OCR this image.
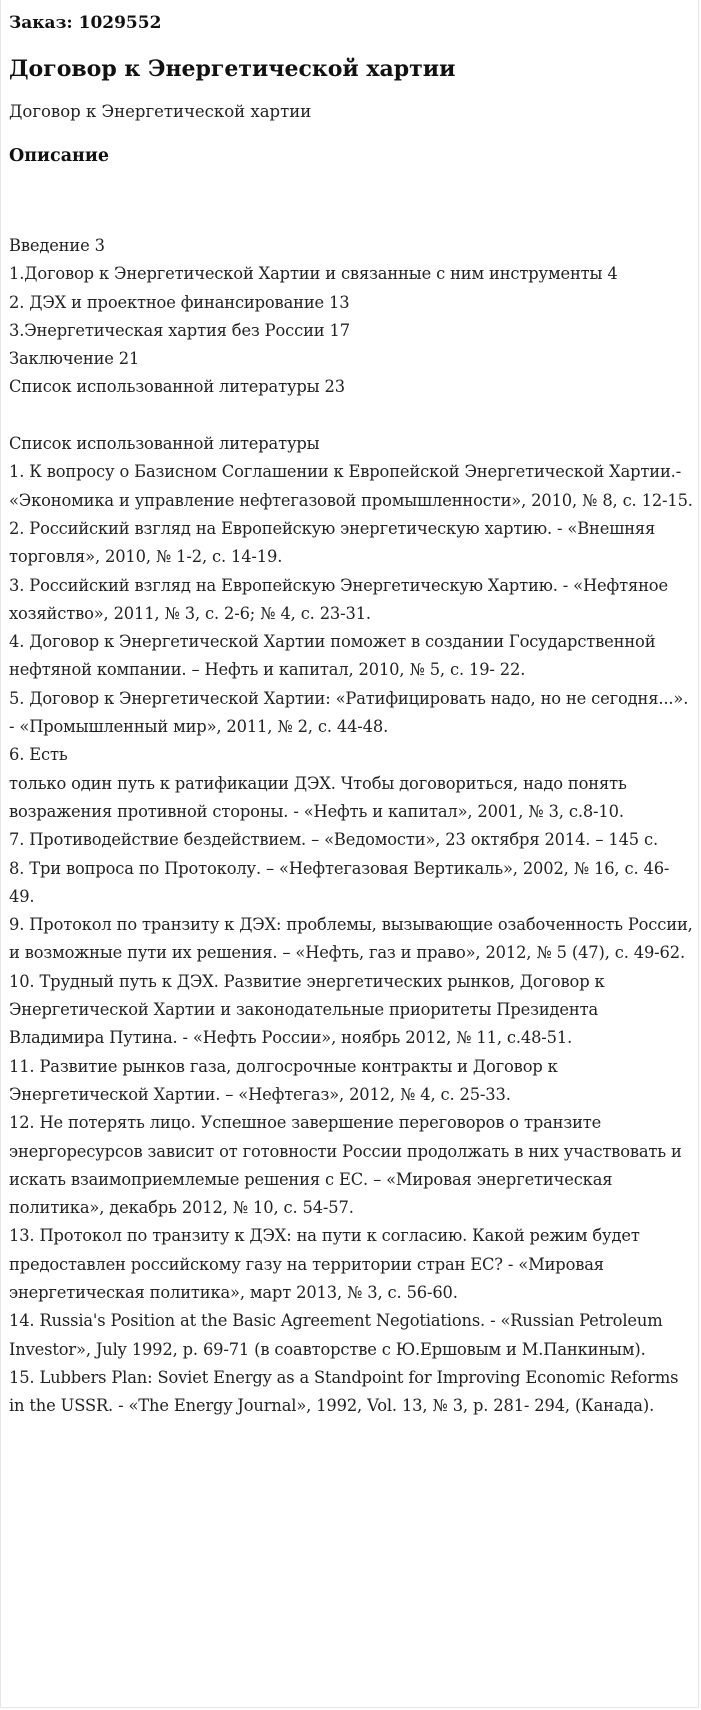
Заказ: 1029552
Договор к Энергетической хартии
Договор к Энергетической хартии
Описание
Введение 3
1.Договор к Энергетической Хартии и связанные с ним инструменты 4
2. ДЭХ и проектное финансирование 13
3.Энергетическая хартия без России 17
Заключение 21
Список использованной литературы 23
Список использованной литературы
1. К вопросу о Базисном Соглашении к Европейской Энергетической Хартии.- «Экономика и управление нефтегазовой промышленности», 2010, № 8, с. 12-15.
2. Российский взгляд на Европейскую энергетическую хартию. - «Внешняя торговля», 2010, № 1-2, с. 14-19.
3. Российский взгляд на Европейскую Энергетическую Хартию. - «Нефтяное хозяйство», 2011, № 3, с. 2-6; № 4, с. 23-31.
4. Договор к Энергетической Хартии поможет в создании Государственной нефтяной компании. – Нефть и капитал, 2010, № 5, с. 19- 22.
5. Договор к Энергетической Хартии: «Ратифицировать надо, но не сегодня...». - «Промышленный мир», 2011, № 2, с. 44-48.
6. Есть
только один путь к ратификации ДЭХ. Чтобы договориться, надо понять возражения противной стороны. - «Нефть и капитал», 2001, № 3, с.8-10.
7. Противодействие бездействием. – «Ведомости», 23 октября 2014. – 145 с.
8. Три вопроса по Протоколу. – «Нефтегазовая Вертикаль», 2002, № 16, с. 46-49.
9. Протокол по транзиту к ДЭХ: проблемы, вызывающие озабоченность России, и возможные пути их решения. – «Нефть, газ и право», 2012, № 5 (47), с. 49-62.
10. Трудный путь к ДЭХ. Развитие энергетических рынков, Договор к Энергетической Хартии и законодательные приоритеты Президента Владимира Путина. - «Нефть России», ноябрь 2012, № 11, с.48-51.
11. Развитие рынков газа, долгосрочные контракты и Договор к Энергетической Хартии. – «Нефтегаз», 2012, № 4, с. 25-33.
12. Не потерять лицо. Успешное завершение переговоров о транзите энергоресурсов зависит от готовности России продолжать в них участвовать и искать взаимоприемлемые решения с ЕС. – «Мировая энергетическая политика», декабрь 2012, № 10, с. 54-57.
13. Протокол по транзиту к ДЭХ: на пути к согласию. Какой режим будет предоставлен российскому газу на территории стран ЕС? - «Мировая энергетическая политика», март 2013, № 3, с. 56-60.
14. Russia's Position at the Basic Agreement Negotiations. - «Russian Petroleum Investor», July 1992, p. 69-71 (в соавторстве с Ю.Ершовым и М.Панкиным).
15. Lubbers Plan: Soviet Energy as a Standpoint for Improving Economic Reforms in the USSR. - «The Energy Journal», 1992, Vol. 13, № 3, p. 281- 294, (Канада).
